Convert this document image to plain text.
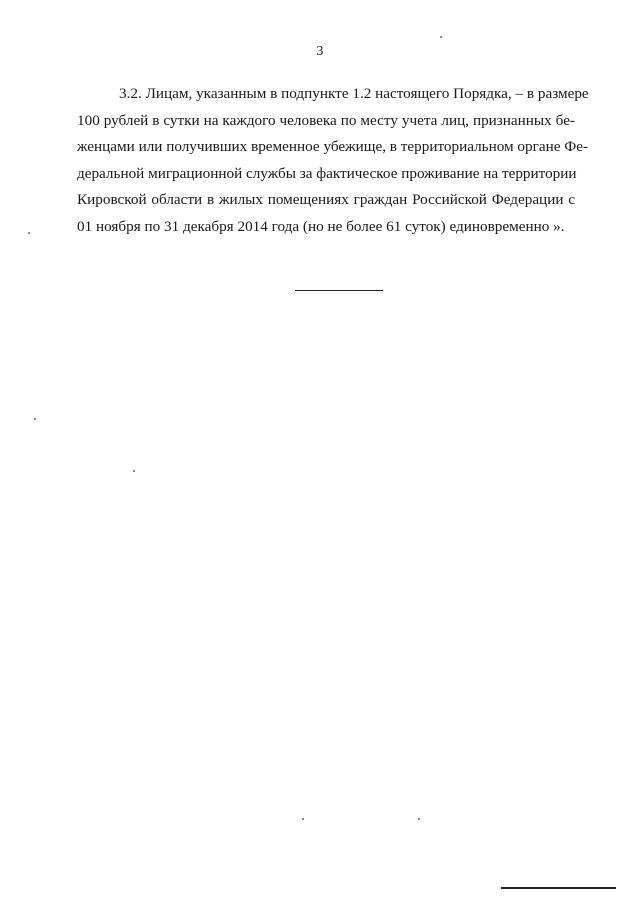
3

3.2. Лицам, указанным в подпункте 1.2 настоящего Порядка, – в размере
100 рублей в сутки на каждого человека по месту учета лиц, признанных бе-
женцами или получивших временное убежище, в территориальном органе Фе-
деральной миграционной службы за фактическое проживание на территории
Кировской области в жилых помещениях граждан Российской Федерации с
01 ноября по 31 декабря 2014 года (но не более 61 суток) единовременно ».
